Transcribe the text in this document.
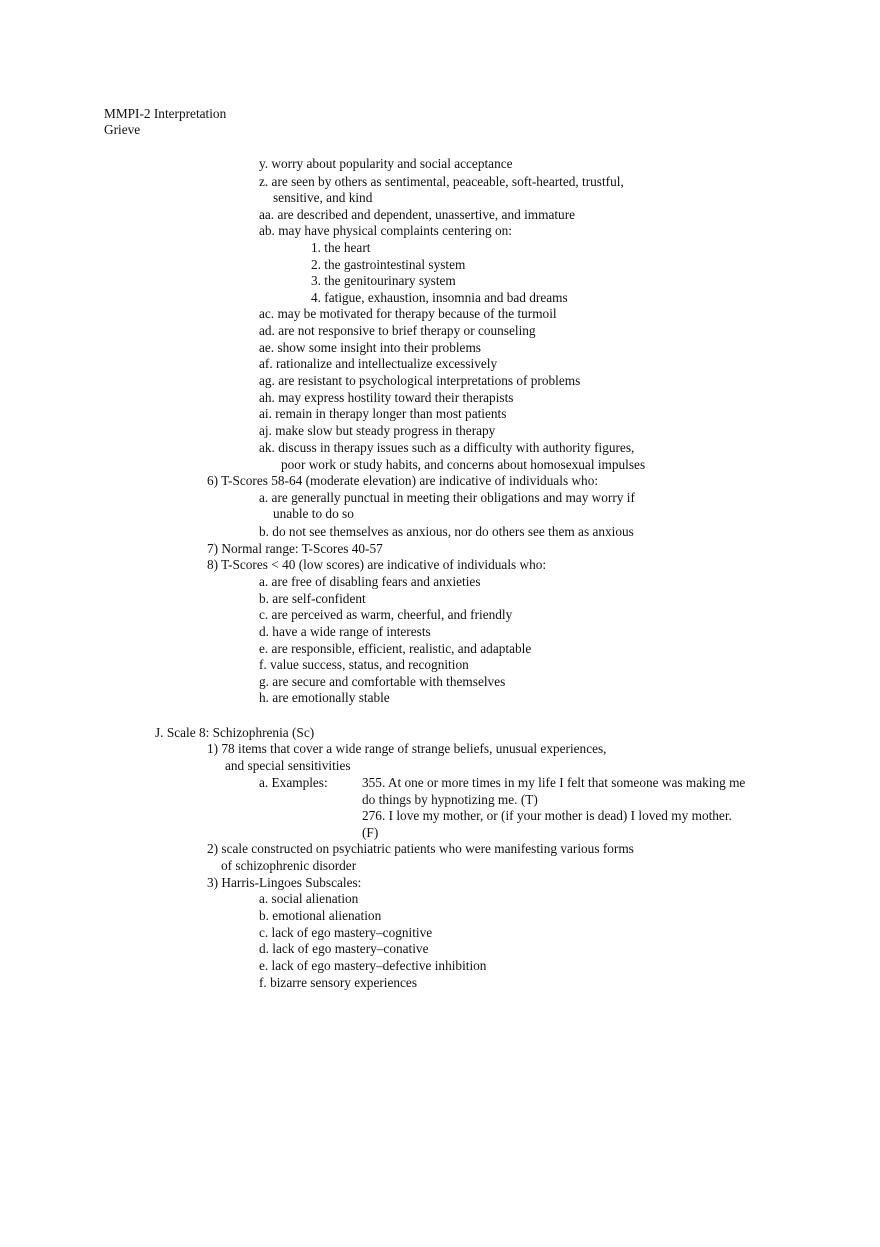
MMPI-2 Interpretation
Grieve
y. worry about popularity and social acceptance
z. are seen by others as sentimental, peaceable, soft-hearted, trustful,
sensitive, and kind
aa. are described and dependent, unassertive, and immature
ab. may have physical complaints centering on:
1. the heart
2. the gastrointestinal system
3. the genitourinary system
4. fatigue, exhaustion, insomnia and bad dreams
ac. may be motivated for therapy because of the turmoil
ad. are not responsive to brief therapy or counseling
ae. show some insight into their problems
af. rationalize and intellectualize excessively
ag. are resistant to psychological interpretations of problems
ah. may express hostility toward their therapists
ai. remain in therapy longer than most patients
aj. make slow but steady progress in therapy
ak. discuss in therapy issues such as a difficulty with authority figures,
poor work or study habits, and concerns about homosexual impulses
6) T-Scores 58-64 (moderate elevation) are indicative of individuals who:
a. are generally punctual in meeting their obligations and may worry if
unable to do so
b. do not see themselves as anxious, nor do others see them as anxious
7) Normal range: T-Scores 40-57
8) T-Scores < 40 (low scores) are indicative of individuals who:
a. are free of disabling fears and anxieties
b. are self-confident
c. are perceived as warm, cheerful, and friendly
d. have a wide range of interests
e. are responsible, efficient, realistic, and adaptable
f. value success, status, and recognition
g. are secure and comfortable with themselves
h. are emotionally stable
J. Scale 8: Schizophrenia (Sc)
1) 78 items that cover a wide range of strange beliefs, unusual experiences,
and special sensitivities
a. Examples:	355. At one or more times in my life I felt that someone was making me
do things by hypnotizing me. (T)
276. I love my mother, or (if your mother is dead) I loved my mother.
(F)
2) scale constructed on psychiatric patients who were manifesting various forms
of schizophrenic disorder
3) Harris-Lingoes Subscales:
a. social alienation
b. emotional alienation
c. lack of ego mastery–cognitive
d. lack of ego mastery–conative
e. lack of ego mastery–defective inhibition
f. bizarre sensory experiences
